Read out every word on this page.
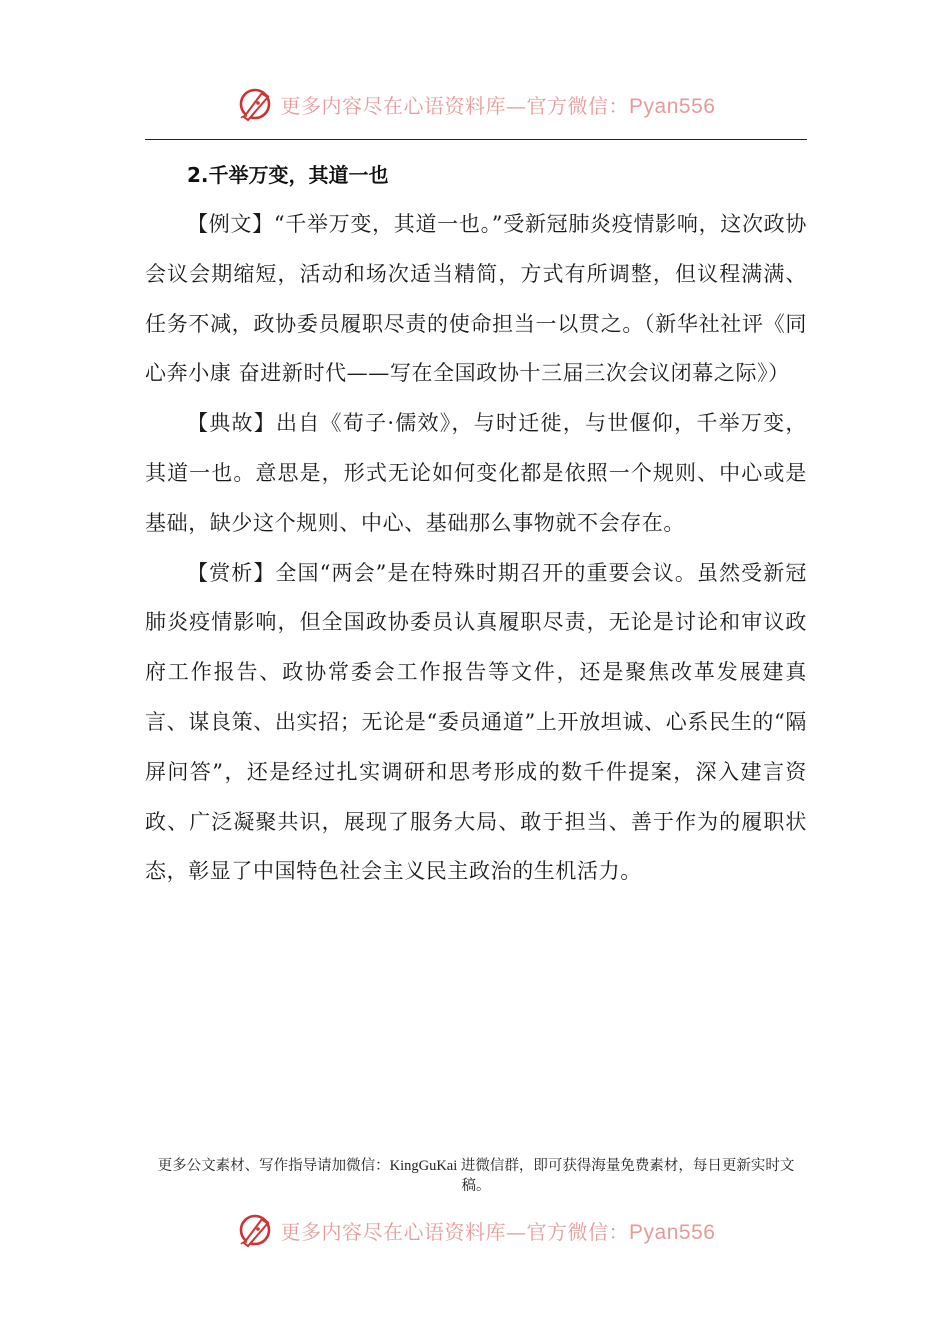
更多内容尽在心语资料库—官方微信：Pyan556
2.千举万变，其道一也

【例文】“千举万变，其道一也。”受新冠肺炎疫情影响，这次政协会议会期缩短，活动和场次适当精简，方式有所调整，但议程满满、任务不减，政协委员履职尽责的使命担当一以贯之。（新华社社评《同心奔小康 奋进新时代——写在全国政协十三届三次会议闭幕之际》）

【典故】出自《荀子·儒效》，与时迁徙，与世偃仰，千举万变，其道一也。意思是，形式无论如何变化都是依照一个规则、中心或是基础，缺少这个规则、中心、基础那么事物就不会存在。

【赏析】全国“两会”是在特殊时期召开的重要会议。虽然受新冠肺炎疫情影响，但全国政协委员认真履职尽责，无论是讨论和审议政府工作报告、政协常委会工作报告等文件，还是聚焦改革发展建真言、谋良策、出实招；无论是“委员通道”上开放坦诚、心系民生的“隔屏问答”，还是经过扎实调研和思考形成的数千件提案，深入建言资政、广泛凝聚共识，展现了服务大局、敢于担当、善于作为的履职状态，彰显了中国特色社会主义民主政治的生机活力。

更多公文素材、写作指导请加微信：KingGuKai 进微信群，即可获得海量免费素材，每日更新实时文稿。
更多内容尽在心语资料库—官方微信：Pyan556
